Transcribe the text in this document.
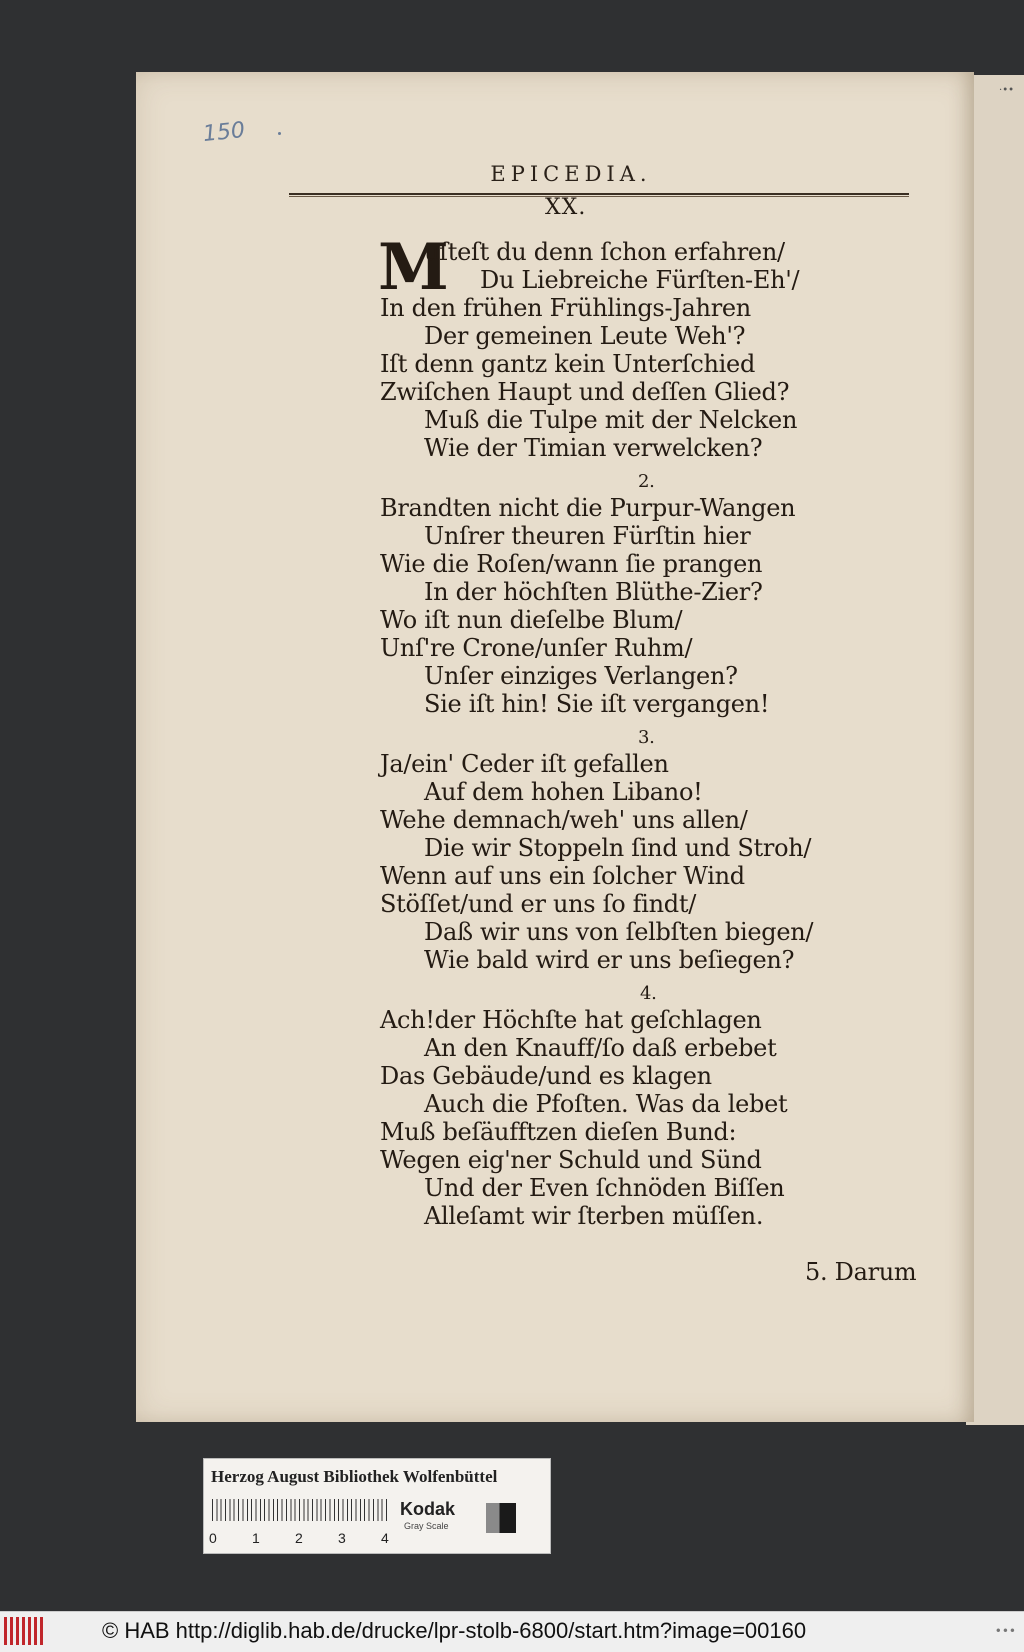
·••
150
EPICEDIA.
XX.
M
uſteſt du denn ſchon erfahren/
Du Liebreiche Fürſten-Eh'/
In den frühen Frühlings-Jahren
Der gemeinen Leute Weh'?
Iſt denn gantz kein Unterſchied
Zwiſchen Haupt und deſſen Glied?
Muß die Tulpe mit der Nelcken
Wie der Timian verwelcken?
2.
Brandten nicht die Purpur-Wangen
Unſrer theuren Fürſtin hier
Wie die Roſen/wann ſie prangen
In der höchſten Blüthe-Zier?
Wo iſt nun dieſelbe Blum/
Unſ're Crone/unſer Ruhm/
Unſer einziges Verlangen?
Sie iſt hin! Sie iſt vergangen!
3.
Ja/ein' Ceder iſt gefallen
Auf dem hohen Libano!
Wehe demnach/weh' uns allen/
Die wir Stoppeln ſind und Stroh/
Wenn auf uns ein ſolcher Wind
Stöſſet/und er uns ſo findt/
Daß wir uns von ſelbſten biegen/
Wie bald wird er uns beſiegen?
4.
Ach!der Höchſte hat geſchlagen
An den Knauff/ſo daß erbebet
Das Gebäude/und es klagen
Auch die Pfoſten. Was da lebet
Muß beſäufftzen dieſen Bund:
Wegen eig'ner Schuld und Sünd
Und der Even ſchnöden Biſſen
Alleſamt wir ſterben müſſen.
5. Darum
Herzog August Bibliothek Wolfenbüttel
0	1	2	3	4
Kodak
Gray Scale
© HAB http://diglib.hab.de/drucke/lpr-stolb-6800/start.htm?image=00160	•••
